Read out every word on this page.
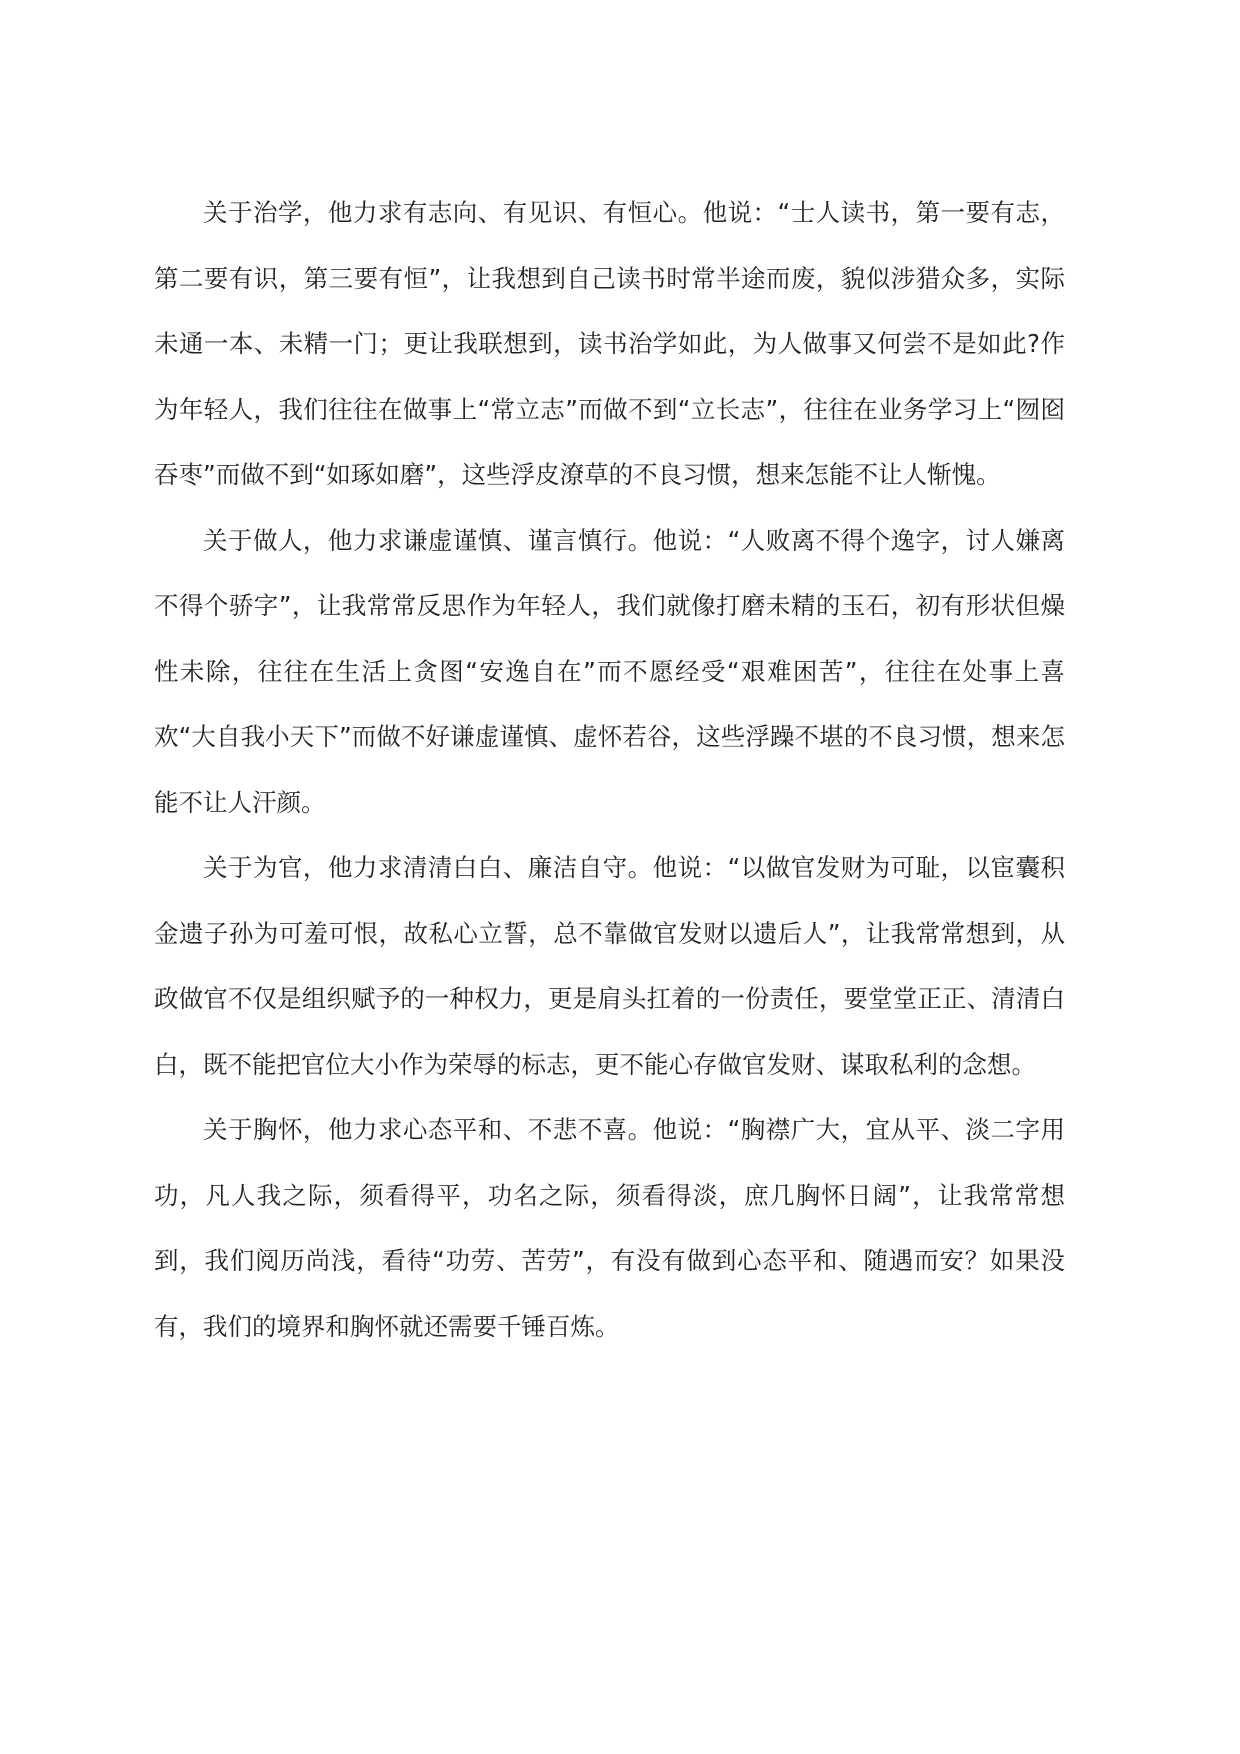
关于治学，他力求有志向、有见识、有恒心。他说：“士人读书，第一要有志，第二要有识，第三要有恒”，让我想到自己读书时常半途而废，貌似涉猎众多，实际未通一本、未精一门；更让我联想到，读书治学如此，为人做事又何尝不是如此?作为年轻人，我们往往在做事上“常立志”而做不到“立长志”，往往在业务学习上“囫囵吞枣”而做不到“如琢如磨”，这些浮皮潦草的不良习惯，想来怎能不让人惭愧。

关于做人，他力求谦虚谨慎、谨言慎行。他说：“人败离不得个逸字，讨人嫌离不得个骄字”，让我常常反思作为年轻人，我们就像打磨未精的玉石，初有形状但燥性未除，往往在生活上贪图“安逸自在”而不愿经受“艰难困苦”，往往在处事上喜欢“大自我小天下”而做不好谦虚谨慎、虚怀若谷，这些浮躁不堪的不良习惯，想来怎能不让人汗颜。

关于为官，他力求清清白白、廉洁自守。他说：“以做官发财为可耻，以宦囊积金遗子孙为可羞可恨，故私心立誓，总不靠做官发财以遗后人”，让我常常想到，从政做官不仅是组织赋予的一种权力，更是肩头扛着的一份责任，要堂堂正正、清清白白，既不能把官位大小作为荣辱的标志，更不能心存做官发财、谋取私利的念想。

关于胸怀，他力求心态平和、不悲不喜。他说：“胸襟广大，宜从平、淡二字用功，凡人我之际，须看得平，功名之际，须看得淡，庶几胸怀日阔”，让我常常想到，我们阅历尚浅，看待“功劳、苦劳”，有没有做到心态平和、随遇而安？如果没有，我们的境界和胸怀就还需要千锤百炼。
